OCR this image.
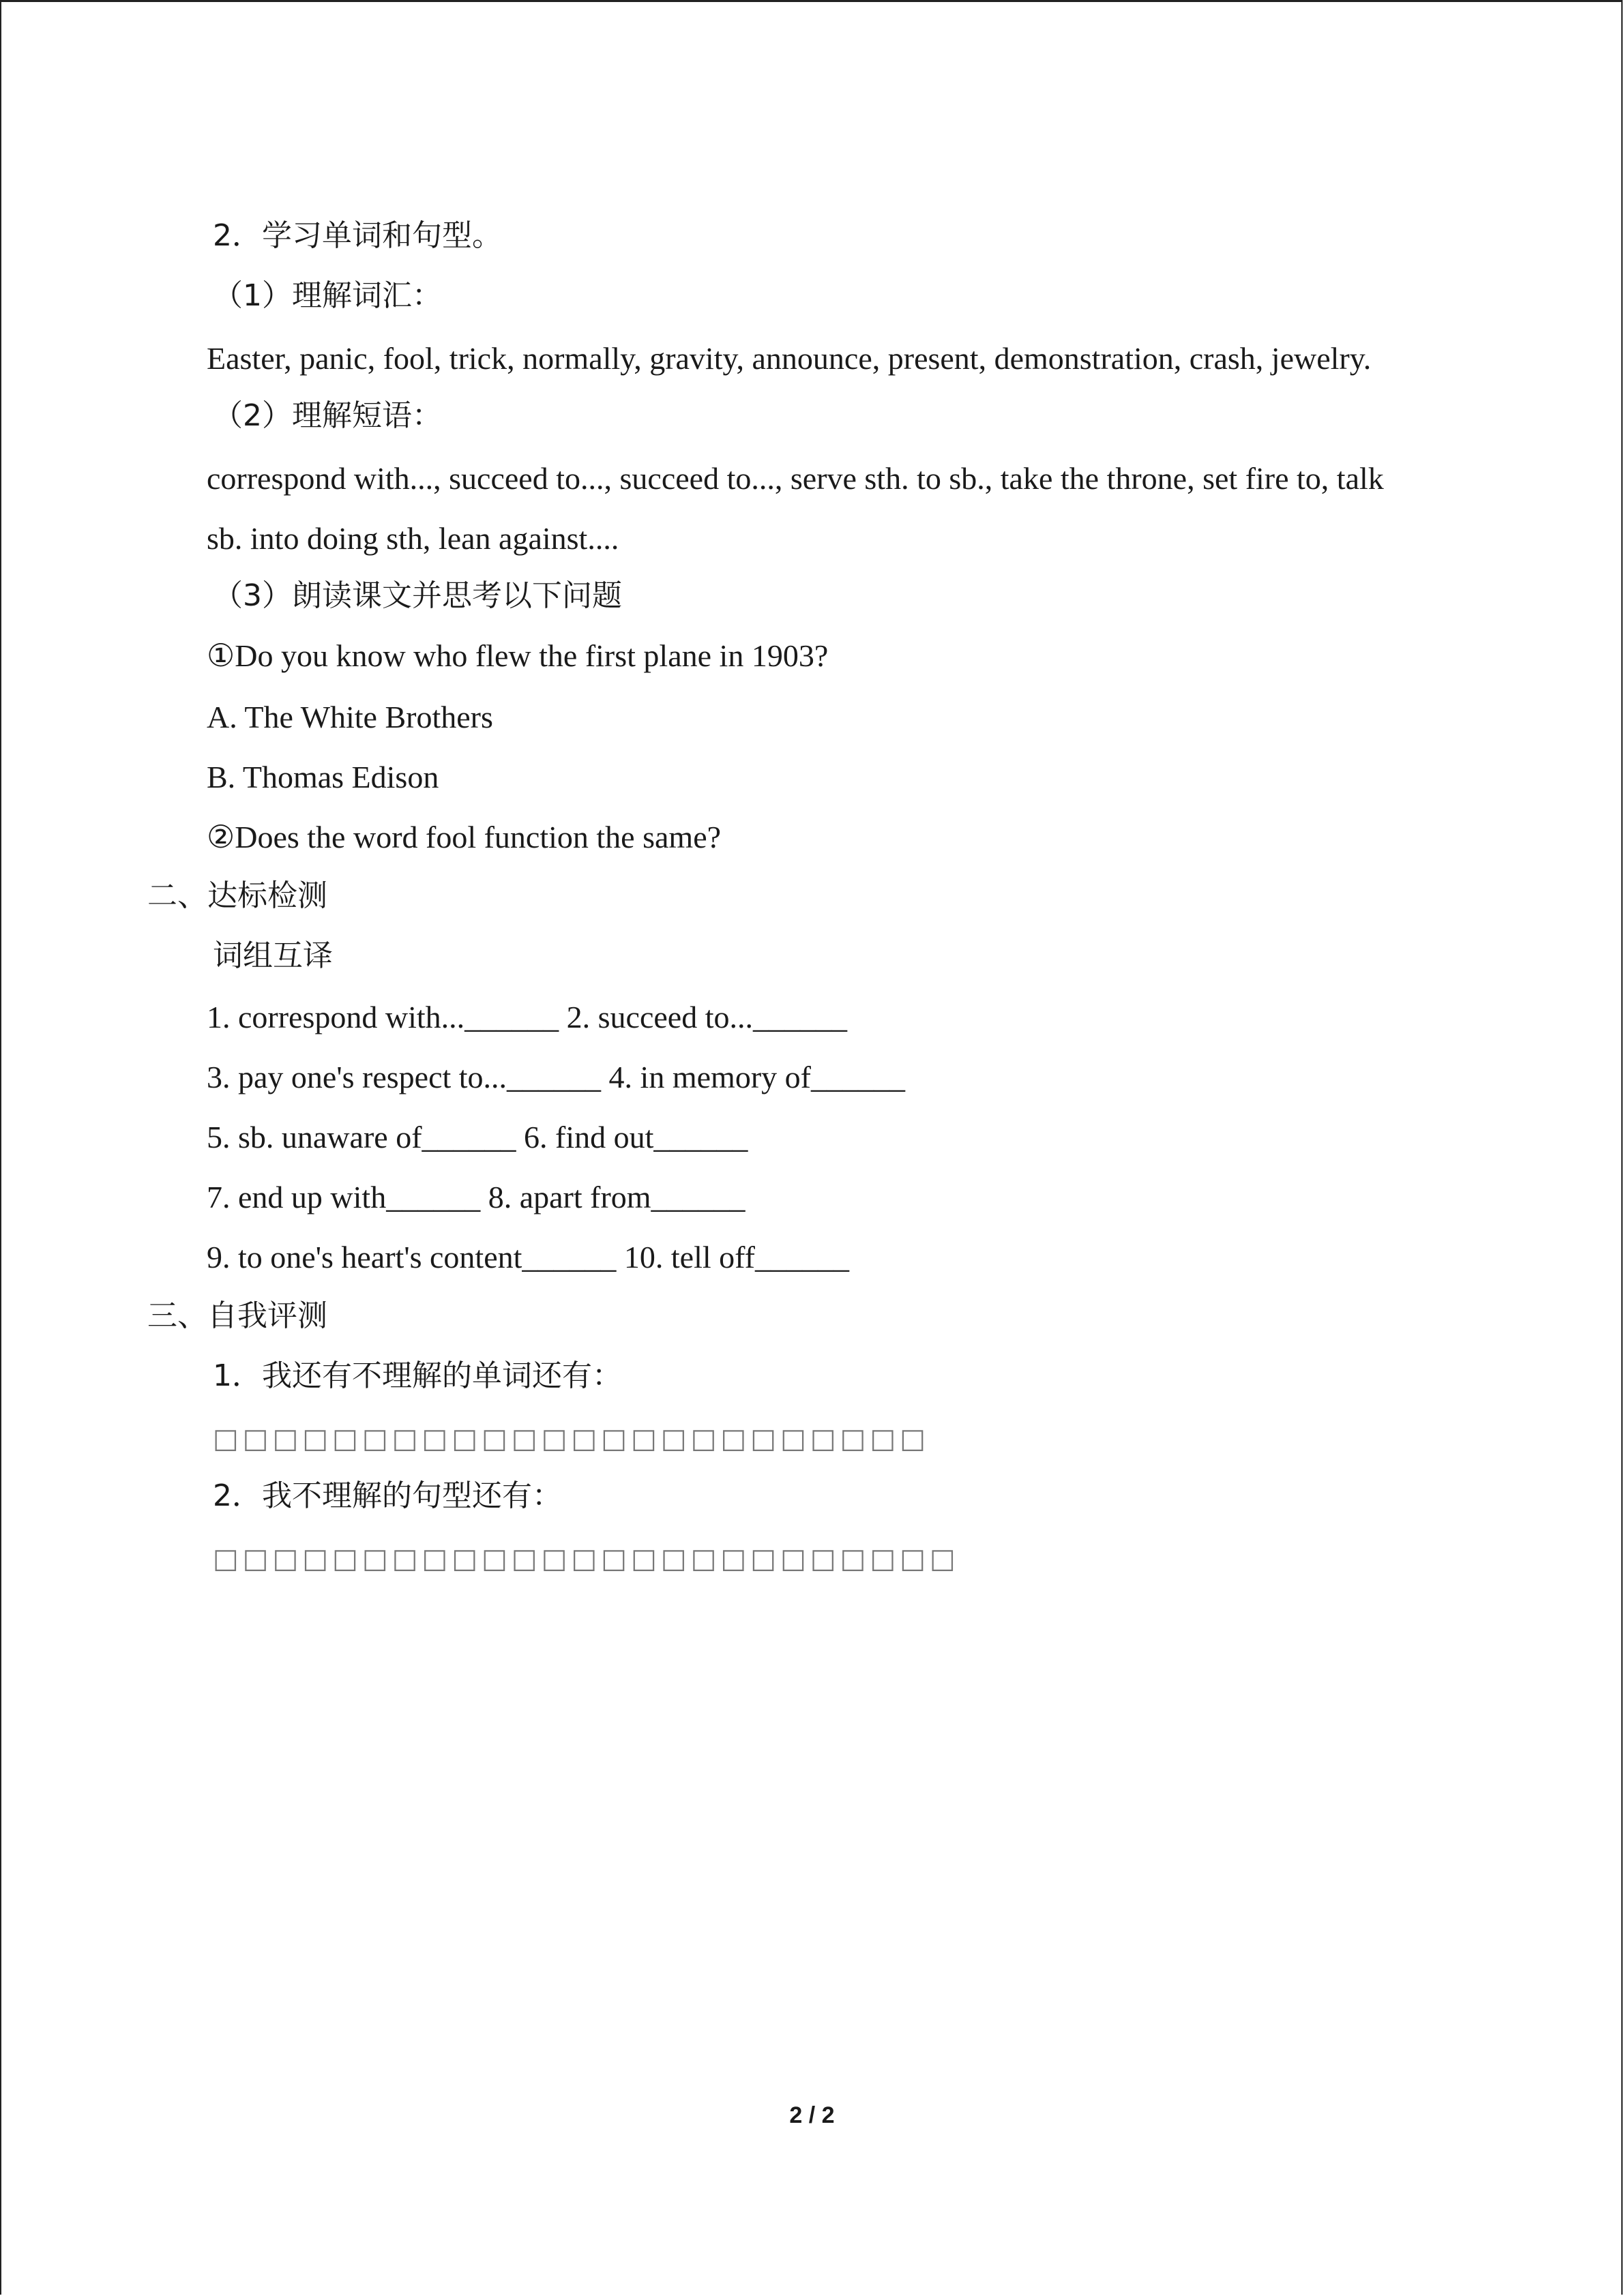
2．学习单词和句型。
（1）理解词汇：
Easter, panic, fool, trick, normally, gravity, announce, present, demonstration, crash, jewelry.
（2）理解短语：
correspond with..., succeed to..., succeed to..., serve sth. to sb., take the throne, set fire to, talk
sb. into doing sth, lean against....
（3）朗读课文并思考以下问题
①Do you know who flew the first plane in 1903?
A. The White Brothers
B. Thomas Edison
②Does the word fool function the same?
二、达标检测
词组互译
1. correspond with...______ 2. succeed to...______
3. pay one's respect to...______ 4. in memory of______
5. sb. unaware of______ 6. find out______
7. end up with______ 8. apart from______
9. to one's heart's content______ 10. tell off______
三、自我评测
1．我还有不理解的单词还有：
□□□□□□□□□□□□□□□□□□□□□□□□
2．我不理解的句型还有：
□□□□□□□□□□□□□□□□□□□□□□□□□
2 / 2
